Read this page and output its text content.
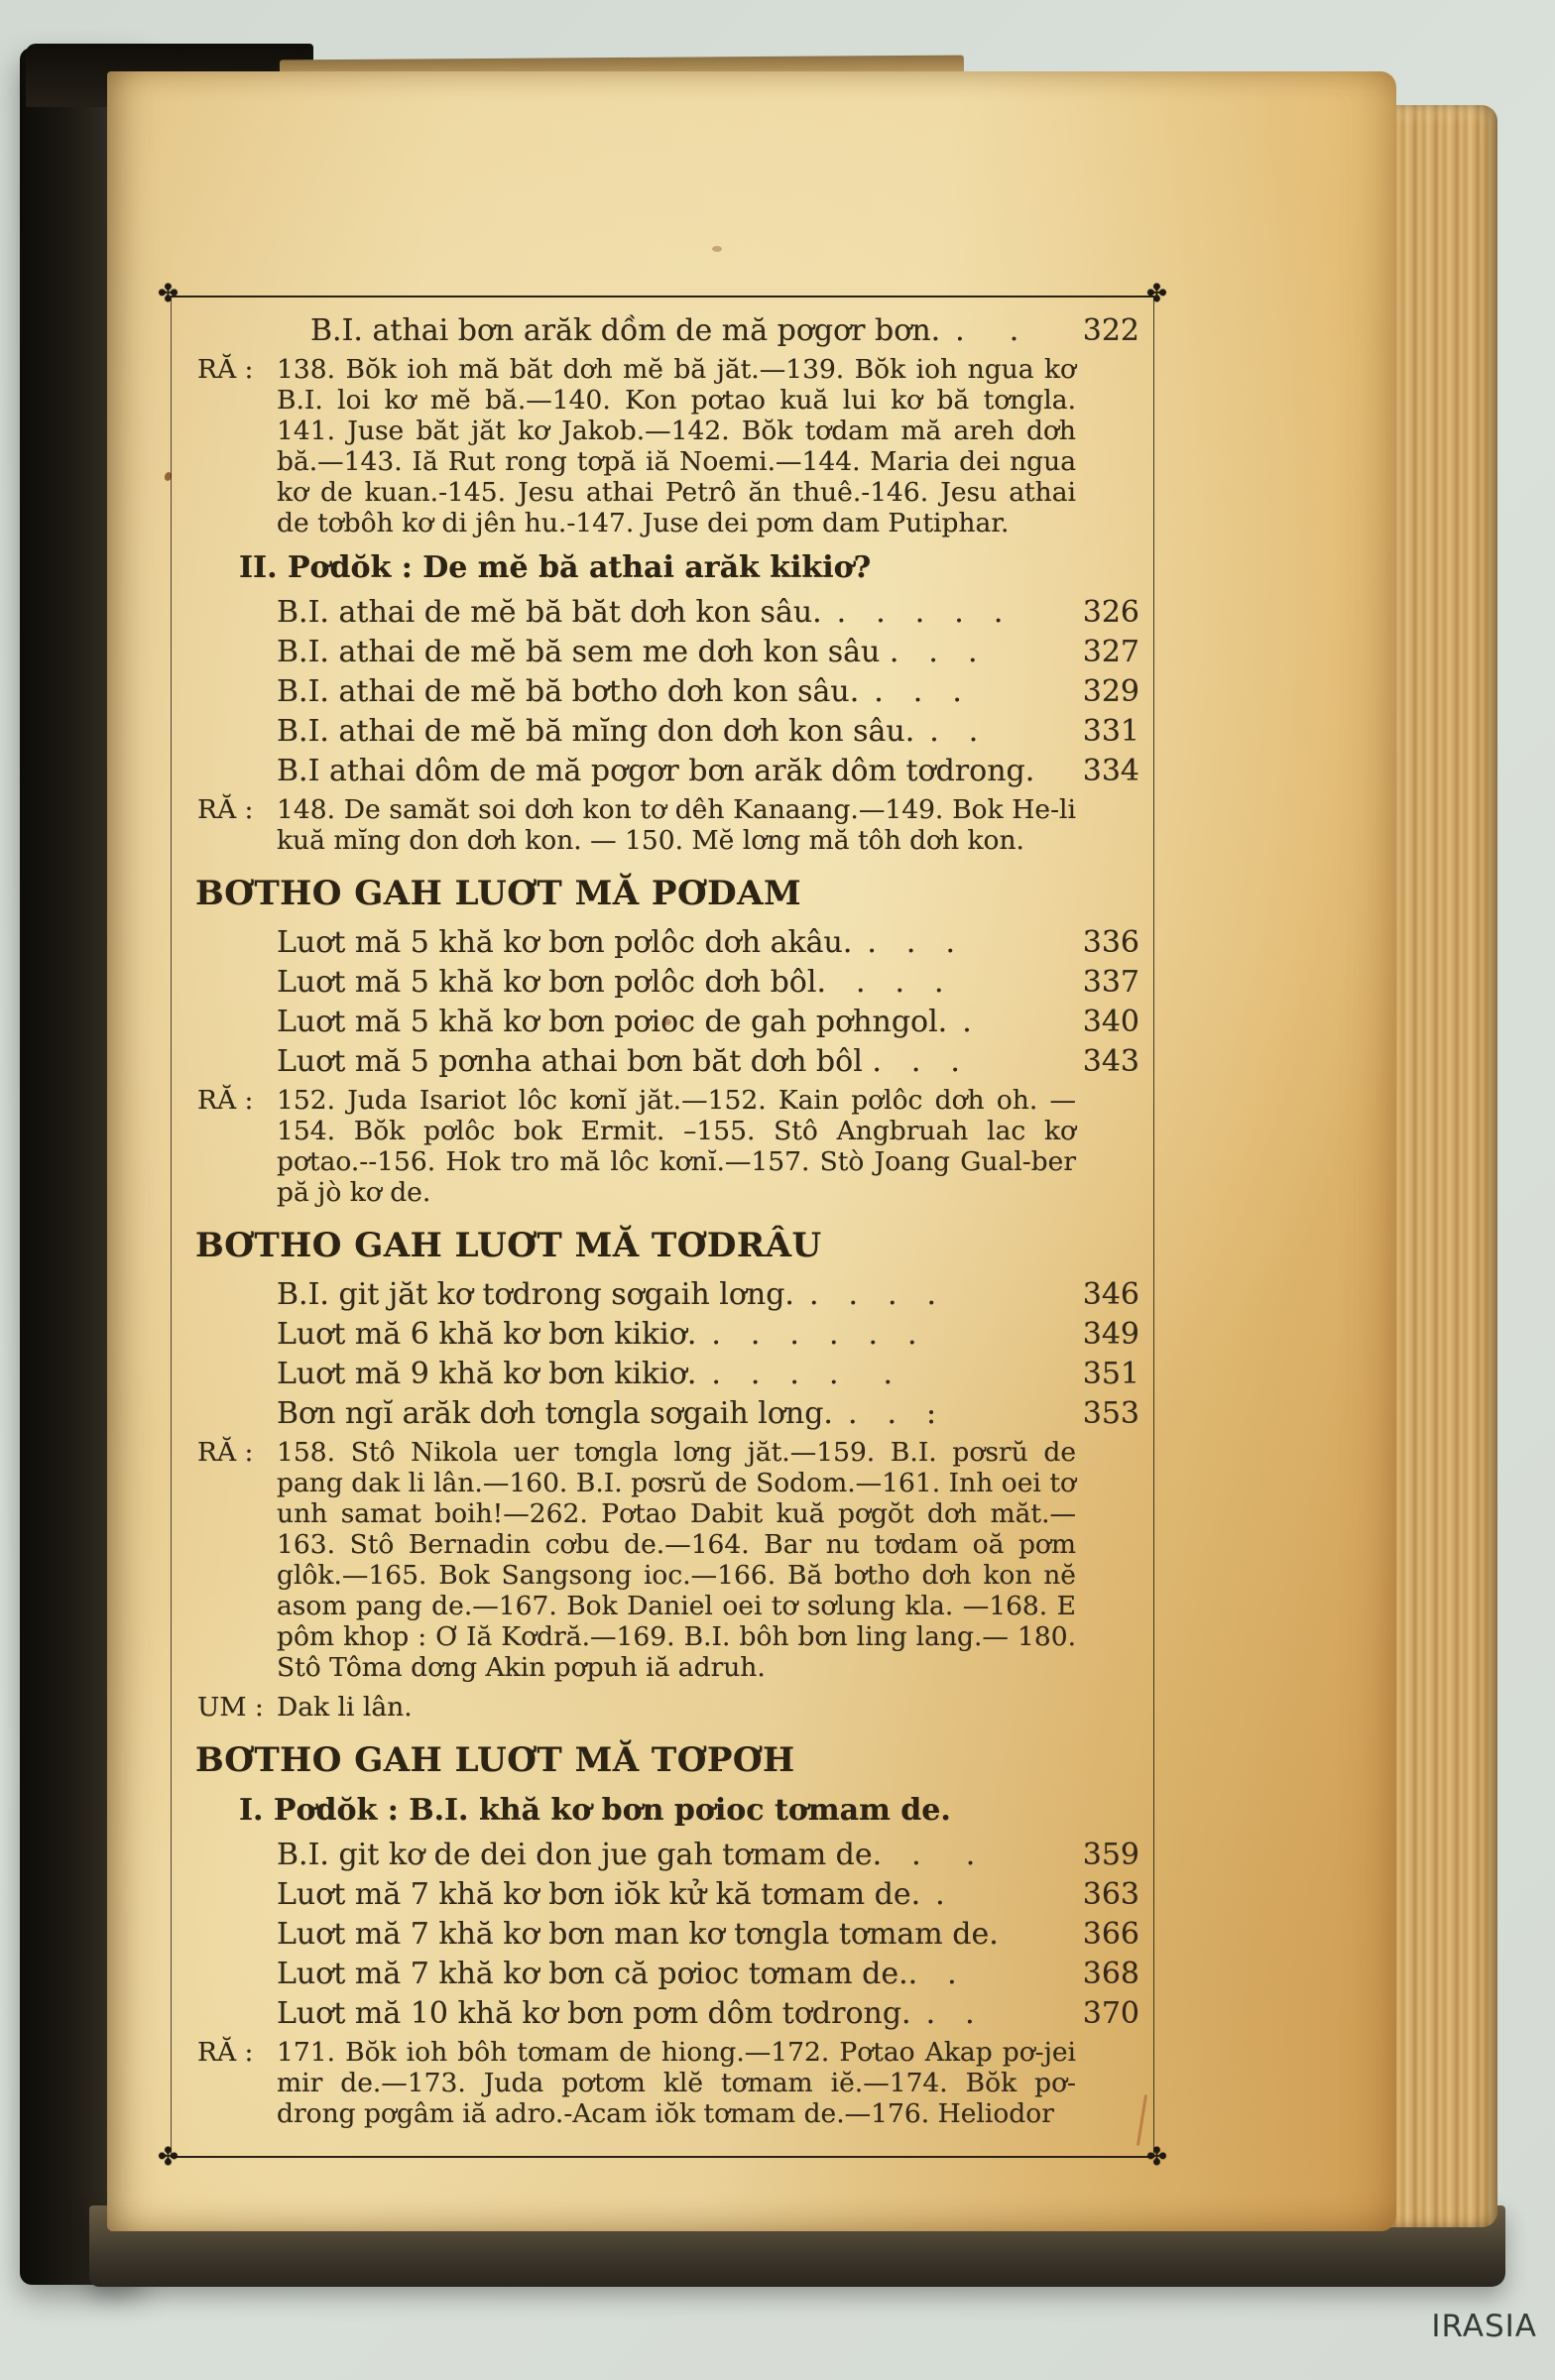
✤	✤
✤	✤
B.I. athai bơn arăk dồm de mă pơgơr bơn. .  .	322
RĂ : 138. Bŏk ioh mă băt dơh mĕ bă jăt.—139. Bŏk ioh ngua kơ B.I. loi kơ mĕ bă.—140. Kon pơtao kuă lui kơ bă tơngla. 141. Juse băt jăt kơ Jakob.—142. Bŏk tơdam mă areh dơh bă.—143. Iă Rut rong tơpă iă Noemi.—144. Maria dei ngua kơ de kuan.-145. Jesu athai Petrô ăn thuê.-146. Jesu athai de tơbôh kơ di jên hu.-147. Juse dei pơm dam Putiphar.
II. Pơdŏk : De mĕ bă athai arăk kikiơ?
B.I. athai de mĕ bă băt dơh kon sâu. . . . . .	326
B.I. athai de mĕ bă sem me dơh kon sâu . . .	327
B.I. athai de mĕ bă bơtho dơh kon sâu. . . .	329
B.I. athai de mĕ bă mĭng don dơh kon sâu. . .	331
B.I athai dôm de mă pơgơr bơn arăk dôm tơdrong.	334
RĂ : 148. De samăt soi dơh kon tơ dêh Kanaang.—149. Bok He-li kuă mĭng don dơh kon. — 150. Mĕ lơng mă tôh dơh kon.
BƠTHO GAH LUƠT MĂ PƠDAM
Luơt mă 5 khă kơ bơn pơlôc dơh akâu. . . .	336
Luơt mă 5 khă kơ bơn pơlôc dơh bôl. . . .	337
Luơt mă 5 khă kơ bơn pơioc de gah pơhngol. .	340
Luơt mă 5 pơnha athai bơn băt dơh bôl . . .	343
RĂ : 152. Juda Isariot lôc kơnĭ jăt.—152. Kain pơlôc dơh oh. —154. Bŏk pơlôc bok Ermit. –155. Stô Angbruah lac kơ pơtao.--156. Hok tro mă lôc kơnĭ.—157. Stò Joang Gual-ber pă jò kơ de.
BƠTHO GAH LUƠT MĂ TƠDRÂU
B.I. git jăt kơ tơdrong sơgaih lơng. . . . .	346
Luơt mă 6 khă kơ bơn kikiơ. . . . . . .	349
Luơt mă 9 khă kơ bơn kikiơ. . . . .  .	351
Bơn ngĭ arăk dơh tơngla sơgaih lơng. . . :	353
RĂ : 158. Stô Nikola uer tơngla lơng jăt.—159. B.I. pơsrŭ de pang dak li lân.—160. B.I. pơsrŭ de Sodom.—161. Inh oei tơ unh samat boih!—262. Pơtao Dabit kuă pơgŏt dơh măt.—163. Stô Bernadin cơbu de.—164. Bar nu tơdam oă pơm glôk.—165. Bok Sangsong ioc.—166. Bă bơtho dơh kon nĕ asom pang de.—167. Bok Daniel oei tơ sơlung kla. —168. E pôm khop : Ơ Iă Kơdră.—169. B.I. bôh bơn ling lang.— 180. Stô Tôma dơng Akin pơpuh iă adruh.
UM : Dak li lân.
BƠTHO GAH LUƠT MĂ TƠPƠH
I. Pơdŏk : B.I. khă kơ bơn pơioc tơmam de.
B.I. git kơ de dei don jue gah tơmam de. .  .	359
Luơt mă 7 khă kơ bơn iŏk kử kă tơmam de. .	363
Luơt mă 7 khă kơ bơn man kơ tơngla tơmam de.	366
Luơt mă 7 khă kơ bơn că pơioc tơmam de.. .	368
Luơt mă 10 khă kơ bơn pơm dôm tơdrong. . .	370
RĂ : 171. Bŏk ioh bôh tơmam de hiong.—172. Pơtao Akap pơ-jei mir de.—173. Juda pơtơm klĕ tơmam iĕ.—174. Bŏk pơ-drong pơgâm iă adro.-Acam iŏk tơmam de.—176. Heliodor
IRASIA
